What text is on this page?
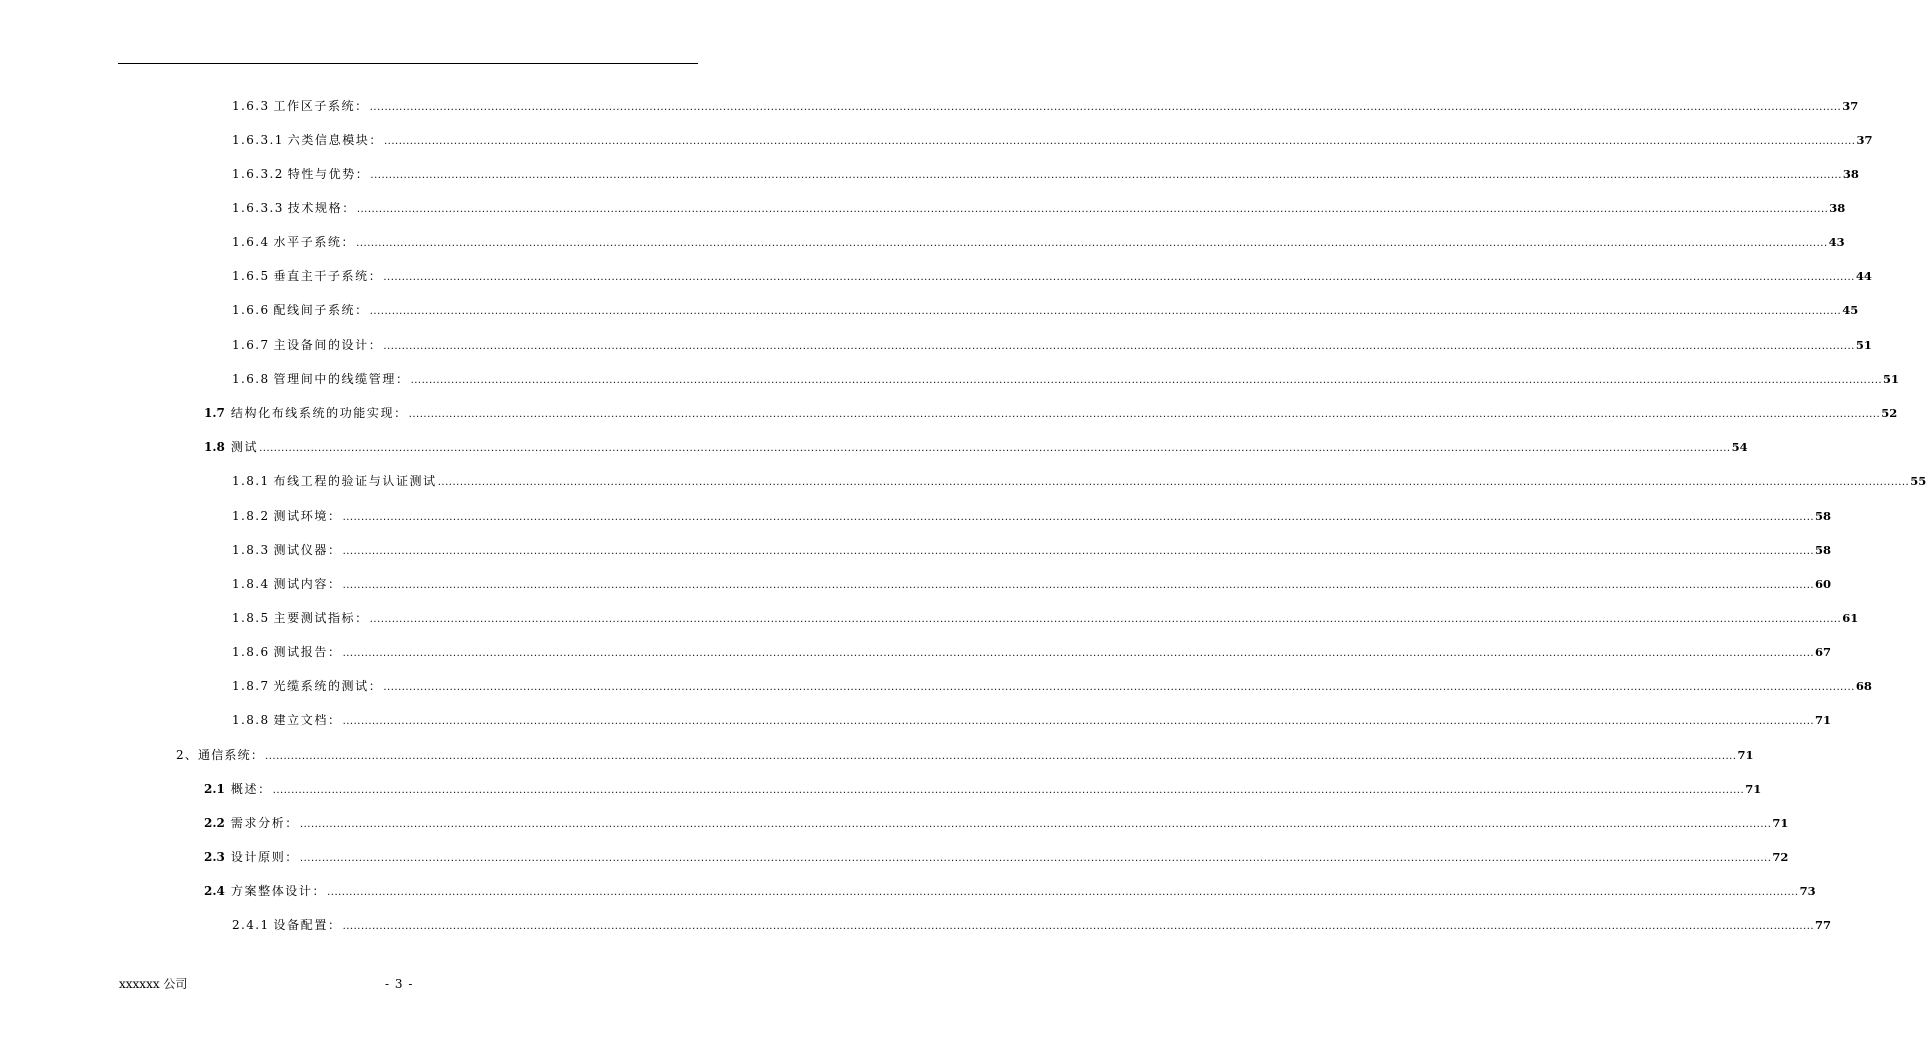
1.6.3 工作区子系统： ................................................................................................................................................................................................................................................................................................................................................................................................................ 37
1.6.3.1 六类信息模块： ................................................................................................................................................................................................................................................................................................................................................................................................................ 37
1.6.3.2 特性与优势： ................................................................................................................................................................................................................................................................................................................................................................................................................ 38
1.6.3.3 技术规格： ................................................................................................................................................................................................................................................................................................................................................................................................................ 38
1.6.4 水平子系统： ................................................................................................................................................................................................................................................................................................................................................................................................................ 43
1.6.5 垂直主干子系统： ................................................................................................................................................................................................................................................................................................................................................................................................................ 44
1.6.6 配线间子系统： ................................................................................................................................................................................................................................................................................................................................................................................................................ 45
1.6.7 主设备间的设计： ................................................................................................................................................................................................................................................................................................................................................................................................................ 51
1.6.8 管理间中的线缆管理： ................................................................................................................................................................................................................................................................................................................................................................................................................ 51
1.7 结构化布线系统的功能实现： ................................................................................................................................................................................................................................................................................................................................................................................................................ 52
1.8 测试 ................................................................................................................................................................................................................................................................................................................................................................................................................ 54
1.8.1 布线工程的验证与认证测试 ................................................................................................................................................................................................................................................................................................................................................................................................................ 55
1.8.2 测试环境： ................................................................................................................................................................................................................................................................................................................................................................................................................ 58
1.8.3 测试仪器： ................................................................................................................................................................................................................................................................................................................................................................................................................ 58
1.8.4 测试内容： ................................................................................................................................................................................................................................................................................................................................................................................................................ 60
1.8.5 主要测试指标： ................................................................................................................................................................................................................................................................................................................................................................................................................ 61
1.8.6 测试报告： ................................................................................................................................................................................................................................................................................................................................................................................................................ 67
1.8.7 光缆系统的测试： ................................................................................................................................................................................................................................................................................................................................................................................................................ 68
1.8.8 建立文档： ................................................................................................................................................................................................................................................................................................................................................................................................................ 71
2、通信系统： ................................................................................................................................................................................................................................................................................................................................................................................................................ 71
2.1 概述： ................................................................................................................................................................................................................................................................................................................................................................................................................ 71
2.2 需求分析： ................................................................................................................................................................................................................................................................................................................................................................................................................ 71
2.3 设计原则： ................................................................................................................................................................................................................................................................................................................................................................................................................ 72
2.4 方案整体设计： ................................................................................................................................................................................................................................................................................................................................................................................................................ 73
2.4.1 设备配置： ................................................................................................................................................................................................................................................................................................................................................................................................................ 77
xxxxxx 公司	- 3 -
